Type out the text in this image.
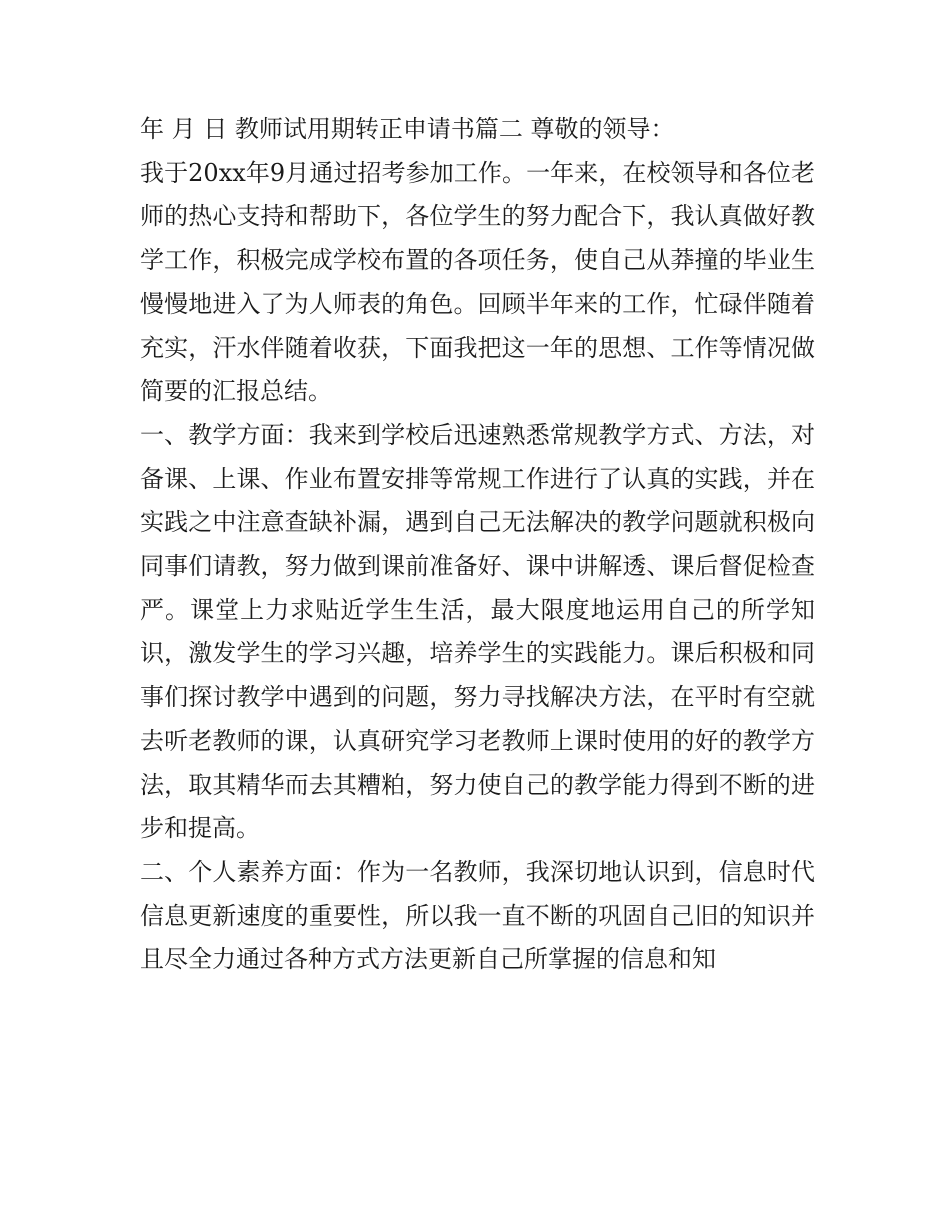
年 月 日 教师试用期转正申请书篇二 尊敬的领导：

我于20xx年9月通过招考参加工作。一年来，在校领导和各位老师的热心支持和帮助下，各位学生的努力配合下，我认真做好教学工作，积极完成学校布置的各项任务，使自己从莽撞的毕业生慢慢地进入了为人师表的角色。回顾半年来的工作，忙碌伴随着充实，汗水伴随着收获，下面我把这一年的思想、工作等情况做简要的汇报总结。

一、教学方面：我来到学校后迅速熟悉常规教学方式、方法，对备课、上课、作业布置安排等常规工作进行了认真的实践，并在实践之中注意查缺补漏，遇到自己无法解决的教学问题就积极向同事们请教，努力做到课前准备好、课中讲解透、课后督促检查严。课堂上力求贴近学生生活，最大限度地运用自己的所学知识，激发学生的学习兴趣，培养学生的实践能力。课后积极和同事们探讨教学中遇到的问题，努力寻找解决方法，在平时有空就去听老教师的课，认真研究学习老教师上课时使用的好的教学方法，取其精华而去其糟粕，努力使自己的教学能力得到不断的进步和提高。

二、个人素养方面：作为一名教师，我深切地认识到，信息时代信息更新速度的重要性，所以我一直不断的巩固自己旧的知识并且尽全力通过各种方式方法更新自己所掌握的信息和知
